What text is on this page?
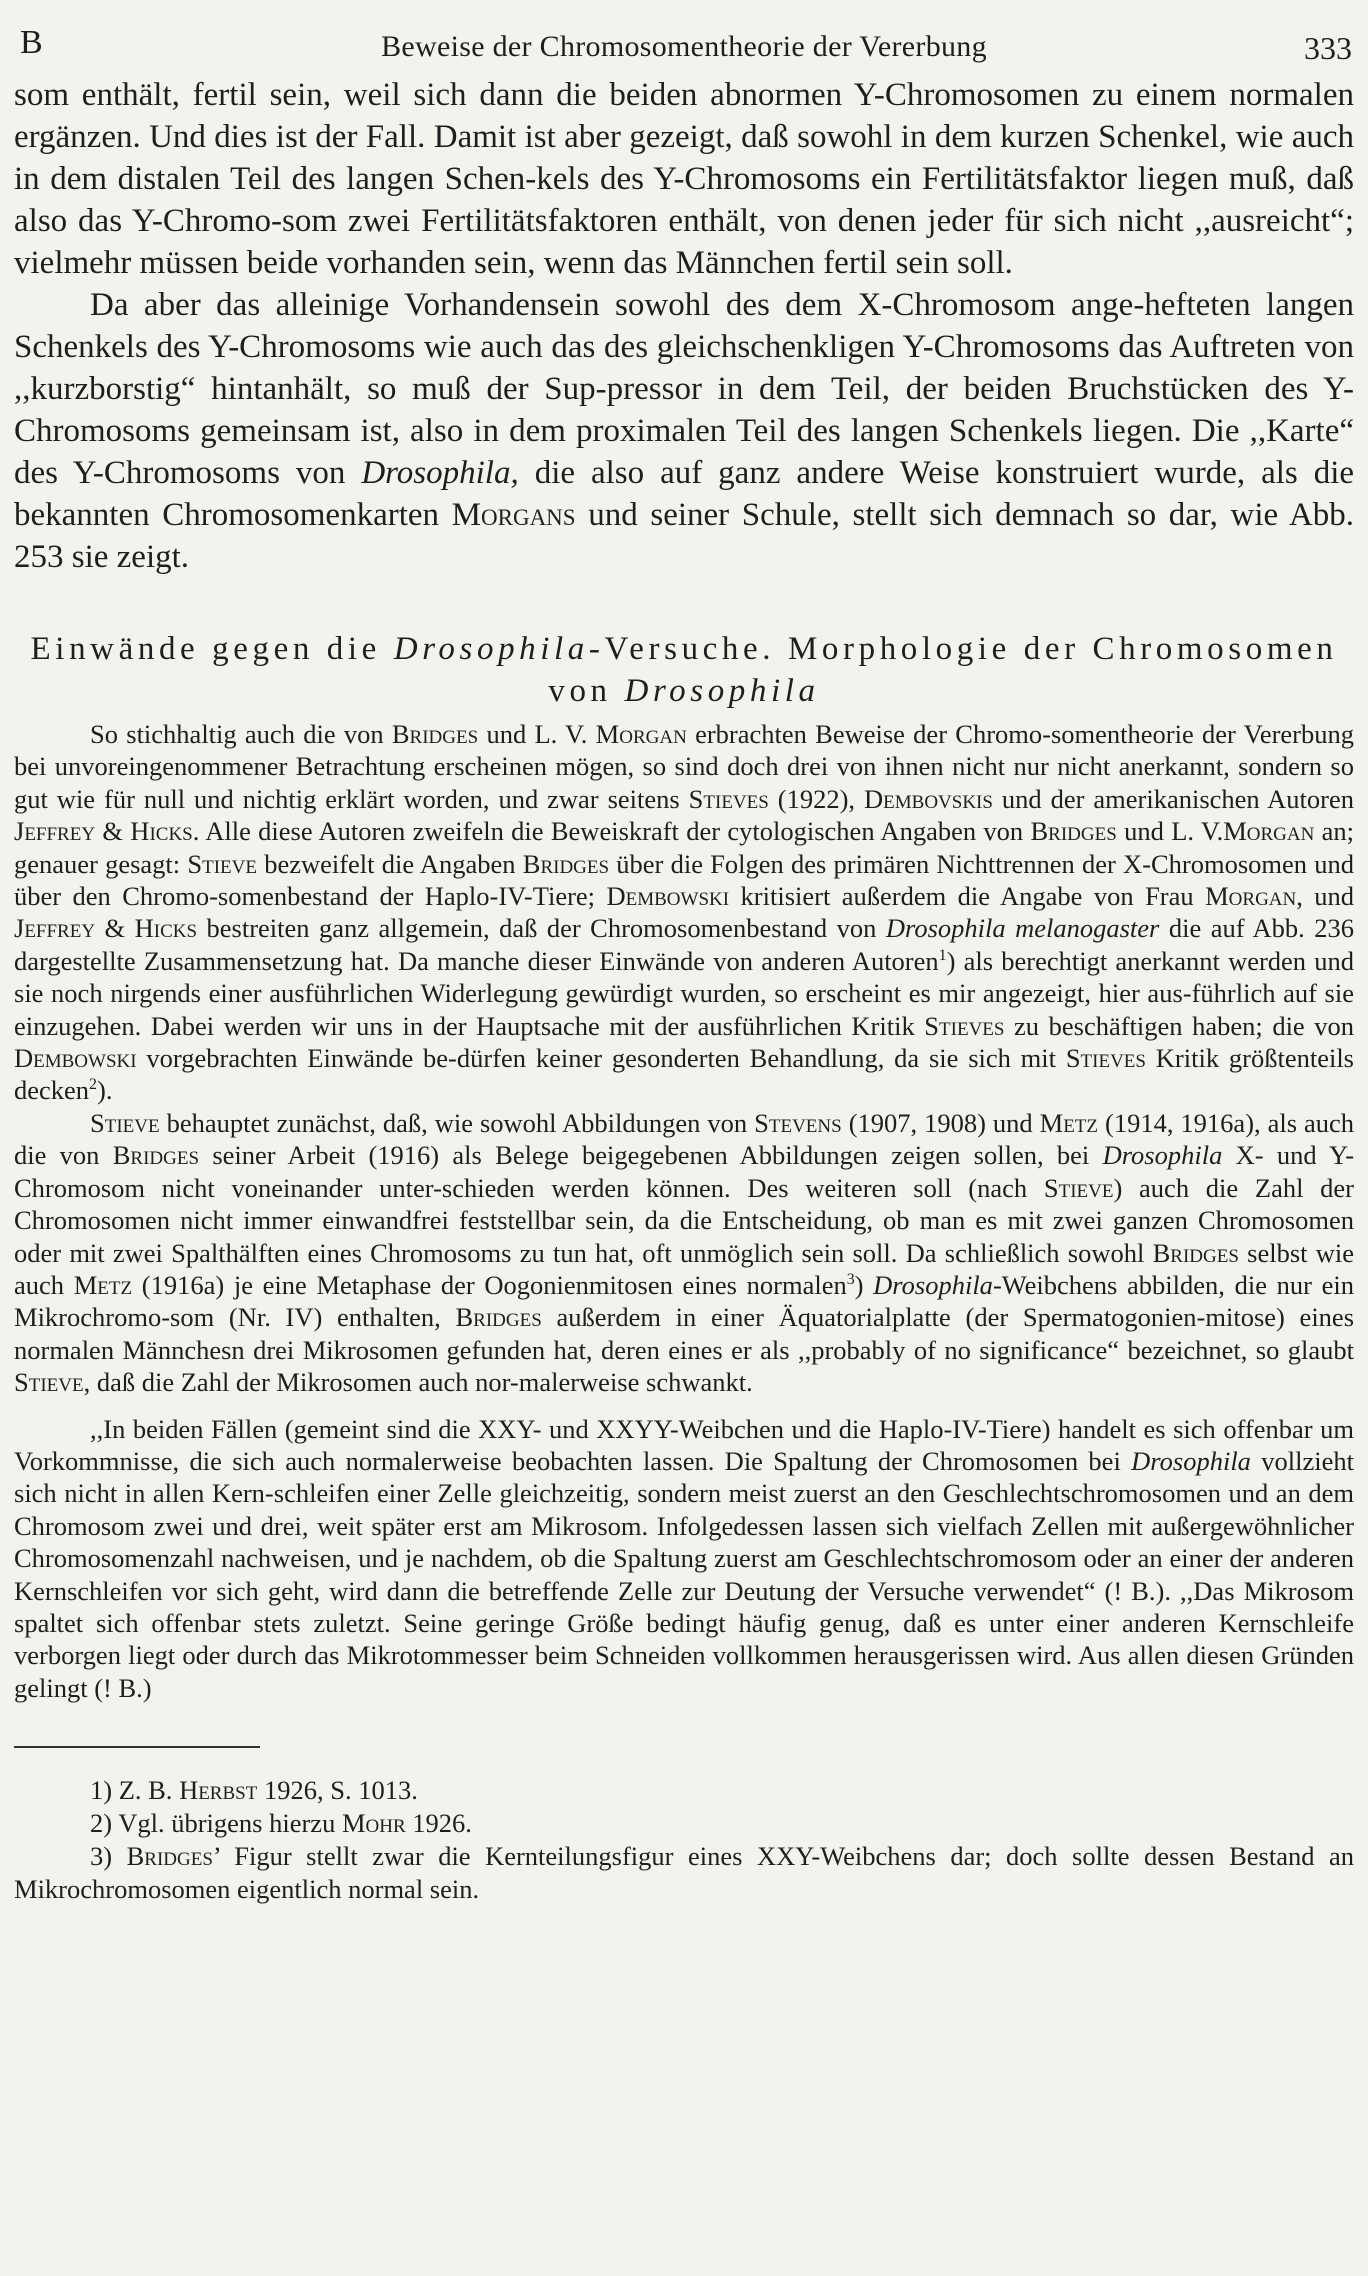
B	Beweise der Chromosomentheorie der Vererbung	333

som enthält, fertil sein, weil sich dann die beiden abnormen Y-Chromosomen zu einem normalen ergänzen. Und dies ist der Fall. Damit ist aber gezeigt, daß sowohl in dem kurzen Schenkel, wie auch in dem distalen Teil des langen Schen-kels des Y-Chromosoms ein Fertilitätsfaktor liegen muß, daß also das Y-Chromo-som zwei Fertilitätsfaktoren enthält, von denen jeder für sich nicht ,,ausreicht“; vielmehr müssen beide vorhanden sein, wenn das Männchen fertil sein soll.

Da aber das alleinige Vorhandensein sowohl des dem X-Chromosom ange-hefteten langen Schenkels des Y-Chromosoms wie auch das des gleichschenkligen Y-Chromosoms das Auftreten von ,,kurzborstig“ hintanhält, so muß der Sup-pressor in dem Teil, der beiden Bruchstücken des Y-Chromosoms gemeinsam ist, also in dem proximalen Teil des langen Schenkels liegen. Die ,,Karte“ des Y-Chromosoms von Drosophila, die also auf ganz andere Weise konstruiert wurde, als die bekannten Chromosomenkarten Morgans und seiner Schule, stellt sich demnach so dar, wie Abb. 253 sie zeigt.

Einwände gegen die Drosophila-Versuche. Morphologie der Chromosomen von Drosophila

So stichhaltig auch die von Bridges und L. V. Morgan erbrachten Beweise der Chromo-somentheorie der Vererbung bei unvoreingenommener Betrachtung erscheinen mögen, so sind doch drei von ihnen nicht nur nicht anerkannt, sondern so gut wie für null und nichtig erklärt worden, und zwar seitens Stieves (1922), Dembovskis und der amerikanischen Autoren Jeffrey & Hicks. Alle diese Autoren zweifeln die Beweiskraft der cytologischen Angaben von Bridges und L. V.Morgan an; genauer gesagt: Stieve bezweifelt die Angaben Bridges über die Folgen des primären Nichttrennen der X-Chromosomen und über den Chromo-somenbestand der Haplo-IV-Tiere; Dembowski kritisiert außerdem die Angabe von Frau Morgan, und Jeffrey & Hicks bestreiten ganz allgemein, daß der Chromosomenbestand von Drosophila melanogaster die auf Abb. 236 dargestellte Zusammensetzung hat. Da manche dieser Einwände von anderen Autoren$^1$) als berechtigt anerkannt werden und sie noch nirgends einer ausführlichen Widerlegung gewürdigt wurden, so erscheint es mir angezeigt, hier aus-führlich auf sie einzugehen. Dabei werden wir uns in der Hauptsache mit der ausführlichen Kritik Stieves zu beschäftigen haben; die von Dembowski vorgebrachten Einwände be-dürfen keiner gesonderten Behandlung, da sie sich mit Stieves Kritik größtenteils decken$^2$).

Stieve behauptet zunächst, daß, wie sowohl Abbildungen von Stevens (1907, 1908) und Metz (1914, 1916a), als auch die von Bridges seiner Arbeit (1916) als Belege beigegebenen Abbildungen zeigen sollen, bei Drosophila X- und Y-Chromosom nicht voneinander unter-schieden werden können. Des weiteren soll (nach Stieve) auch die Zahl der Chromosomen nicht immer einwandfrei feststellbar sein, da die Entscheidung, ob man es mit zwei ganzen Chromosomen oder mit zwei Spalthälften eines Chromosoms zu tun hat, oft unmöglich sein soll. Da schließlich sowohl Bridges selbst wie auch Metz (1916a) je eine Metaphase der Oogonienmitosen eines normalen$^3$) Drosophila-Weibchens abbilden, die nur ein Mikrochromo-som (Nr. IV) enthalten, Bridges außerdem in einer Äquatorialplatte (der Spermatogonien-mitose) eines normalen Männchesn drei Mikrosomen gefunden hat, deren eines er als ,,probably of no significance“ bezeichnet, so glaubt Stieve, daß die Zahl der Mikrosomen auch nor-malerweise schwankt.

,,In beiden Fällen (gemeint sind die XXY- und XXYY-Weibchen und die Haplo-IV-Tiere) handelt es sich offenbar um Vorkommnisse, die sich auch normalerweise beobachten lassen. Die Spaltung der Chromosomen bei Drosophila vollzieht sich nicht in allen Kern-schleifen einer Zelle gleichzeitig, sondern meist zuerst an den Geschlechtschromosomen und an dem Chromosom zwei und drei, weit später erst am Mikrosom. Infolgedessen lassen sich vielfach Zellen mit außergewöhnlicher Chromosomenzahl nachweisen, und je nachdem, ob die Spaltung zuerst am Geschlechtschromosom oder an einer der anderen Kernschleifen vor sich geht, wird dann die betreffende Zelle zur Deutung der Versuche verwendet“ (! B.). ,,Das Mikrosom spaltet sich offenbar stets zuletzt. Seine geringe Größe bedingt häufig genug, daß es unter einer anderen Kernschleife verborgen liegt oder durch das Mikrotommesser beim Schneiden vollkommen herausgerissen wird. Aus allen diesen Gründen gelingt (! B.)

1) Z. B. Herbst 1926, S. 1013.

2) Vgl. übrigens hierzu Mohr 1926.

3) Bridges’ Figur stellt zwar die Kernteilungsfigur eines XXY-Weibchens dar; doch sollte dessen Bestand an Mikrochromosomen eigentlich normal sein.
